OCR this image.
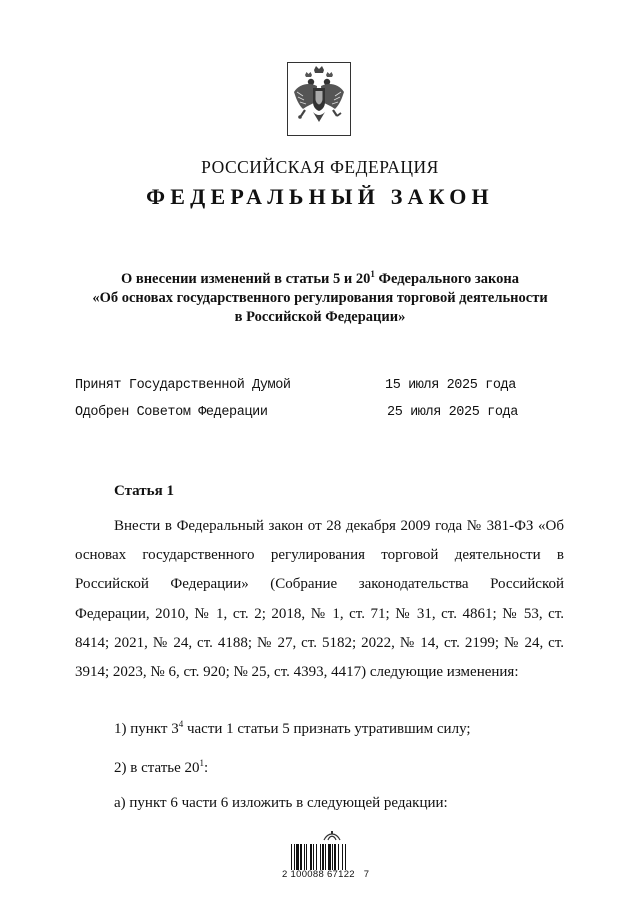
РОССИЙСКАЯ ФЕДЕРАЦИЯ
ФЕДЕРАЛЬНЫЙ ЗАКОН
О внесении изменений в статьи 5 и $20^1$ Федерального закона
«Об основах государственного регулирования торговой деятельности
в Российской Федерации»
Принят Государственной Думой	15 июля 2025 года
Одобрен Советом Федерации	25 июля 2025 года
Статья 1
Внести в Федеральный закон от 28 декабря 2009 года № 381-ФЗ «Об основах государственного регулирования торговой деятельности в Российской Федерации» (Собрание законодательства Российской Федерации, 2010, № 1, ст. 2; 2018, № 1, ст. 71; № 31, ст. 4861; № 53, ст. 8414; 2021, № 24, ст. 4188; № 27, ст. 5182; 2022, № 14, ст. 2199; № 24, ст. 3914; 2023, № 6, ст. 920; № 25, ст. 4393, 4417) следующие изменения:
1) пункт $3^4$ части 1 статьи 5 признать утратившим силу;
2) в статье $20^1$:
а) пункт 6 части 6 изложить в следующей редакции:
2 100088 67122   7
